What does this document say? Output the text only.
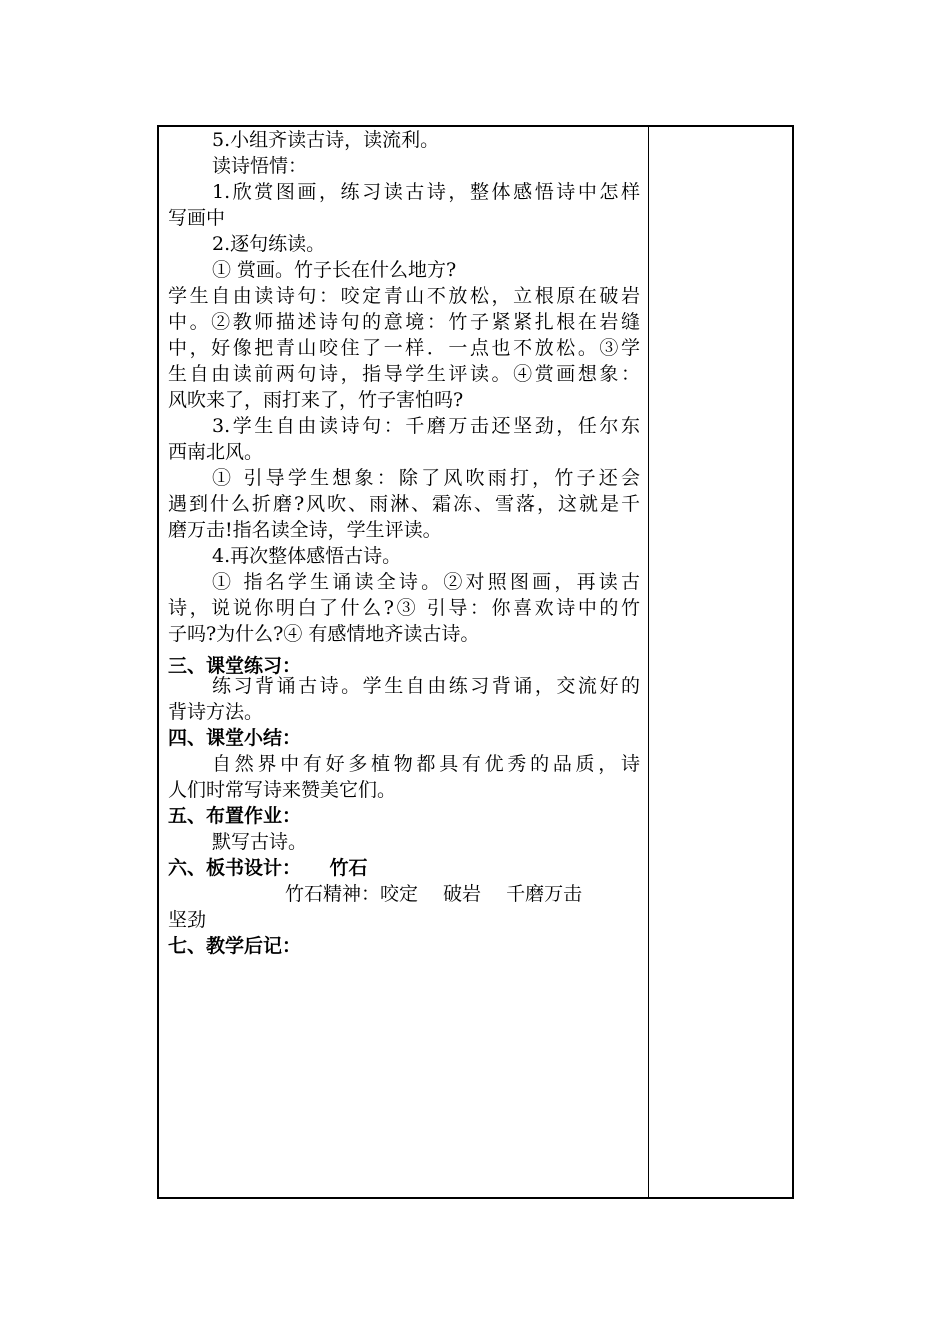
5.小组齐读古诗，读流利。
读诗悟情：
1.欣赏图画，练习读古诗，整体感悟诗中怎样
写画中
2.逐句练读。
① 赏画。竹子长在什么地方?
学生自由读诗句：咬定青山不放松，立根原在破岩
中。②教师描述诗句的意境：竹子紧紧扎根在岩缝
中，好像把青山咬住了一样．一点也不放松。③学
生自由读前两句诗，指导学生评读。④赏画想象：
风吹来了，雨打来了，竹子害怕吗?
3.学生自由读诗句：千磨万击还坚劲，任尔东
西南北风。
① 引导学生想象：除了风吹雨打，竹子还会
遇到什么折磨?风吹、雨淋、霜冻、雪落，这就是千
磨万击!指名读全诗，学生评读。
4.再次整体感悟古诗。
① 指名学生诵读全诗。②对照图画，再读古
诗，说说你明白了什么?③ 引导：你喜欢诗中的竹
子吗?为什么?④ 有感情地齐读古诗。
三、课堂练习：
练习背诵古诗。学生自由练习背诵，交流好的
背诗方法。
四、课堂小结：
自然界中有好多植物都具有优秀的品质，诗
人们时常写诗来赞美它们。
五、布置作业：
默写古诗。
六、板书设计：　　竹石
竹石精神：咬定　 破岩　 千磨万击
坚劲
七、教学后记：
